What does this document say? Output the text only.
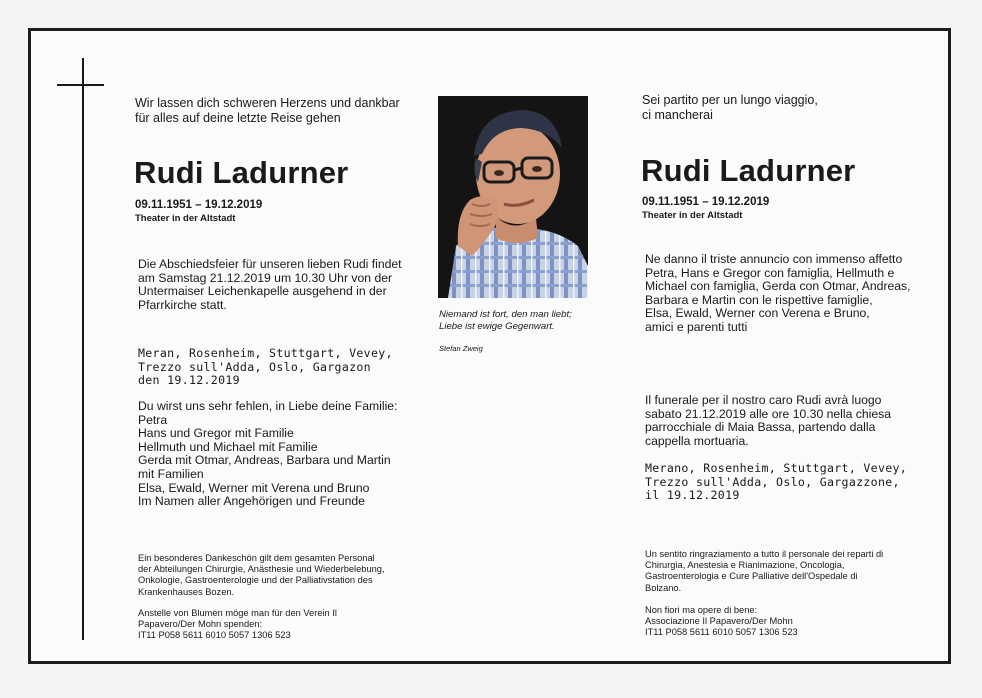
Wir lassen dich schweren Herzens und dankbar
für alles auf deine letzte Reise gehen

Rudi Ladurner

09.11.1951 – 19.12.2019

Theater in der Altstadt

Die Abschiedsfeier für unseren lieben Rudi findet
am Samstag 21.12.2019 um 10.30 Uhr von der
Untermaiser Leichenkapelle ausgehend in der
Pfarrkirche statt.

Meran, Rosenheim, Stuttgart, Vevey,
Trezzo sull'Adda, Oslo, Gargazon
den 19.12.2019

Du wirst uns sehr fehlen, in Liebe deine Familie:
Petra
Hans und Gregor mit Familie
Hellmuth und Michael mit Familie
Gerda mit Otmar, Andreas, Barbara und Martin
mit Familien
Elsa, Ewald, Werner mit Verena und Bruno
Im Namen aller Angehörigen und Freunde

Ein besonderes Dankeschön gilt dem gesamten Personal
der Abteilungen Chirurgie, Anästhesie und Wiederbelebung,
Onkologie, Gastroenterologie und der Palliativstation des
Krankenhauses Bozen.

Anstelle von Blumen möge man für den Verein Il
Papavero/Der Mohn spenden:
IT11 P058 5611 6010 5057 1306 523

Niemand ist fort, den man liebt;
Liebe ist ewige Gegenwart.

Stefan Zweig

Sei partito per un lungo viaggio,
ci mancherai

Rudi Ladurner

09.11.1951 – 19.12.2019

Theater in der Altstadt

Ne danno il triste annuncio con immenso affetto
Petra, Hans e Gregor con famiglia, Hellmuth e
Michael con famiglia, Gerda con Otmar, Andreas,
Barbara e Martin con le rispettive famiglie,
Elsa, Ewald, Werner con Verena e Bruno,
amici e parenti tutti

Il funerale per il nostro caro Rudi avrà luogo
sabato 21.12.2019 alle ore 10.30 nella chiesa
parrocchiale di Maia Bassa, partendo dalla
cappella mortuaria.

Merano, Rosenheim, Stuttgart, Vevey,
Trezzo sull'Adda, Oslo, Gargazzone,
il 19.12.2019

Un sentito ringraziamento a tutto il personale dei reparti di
Chirurgia, Anestesia e Rianimazione, Oncologia,
Gastroenterologia e Cure Palliative dell'Ospedale di
Bolzano.

Non fiori ma opere di bene:
Associazione Il Papavero/Der Mohn
IT11 P058 5611 6010 5057 1306 523
